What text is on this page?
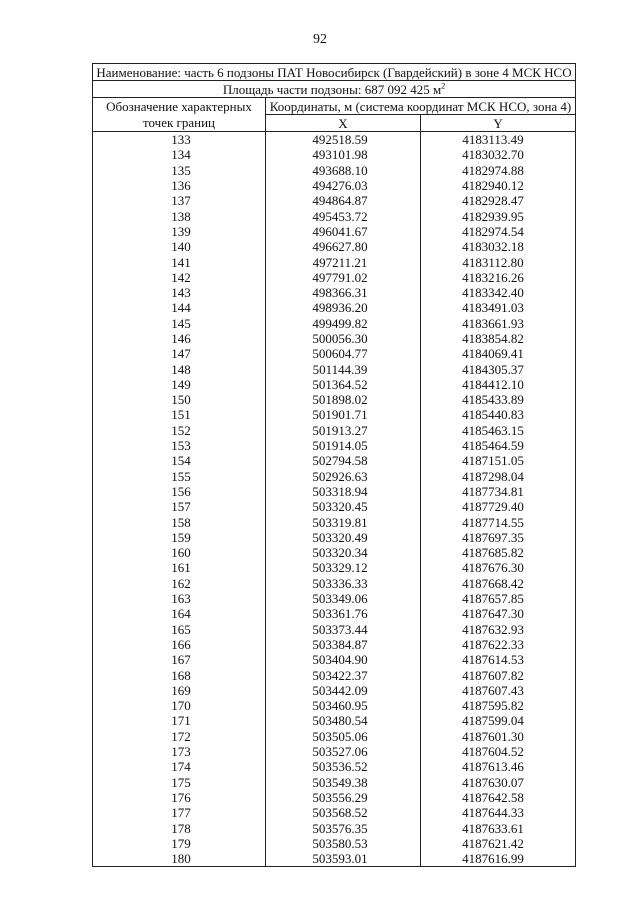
92
Наименование: часть 6 подзоны ПАТ Новосибирск (Гвардейский) в зоне 4 МСК НСО		
Площадь части подзоны: 687 092 425 $м^2$
Обозначение характерных точек границ	Координаты, м (система координат МСК НСО, зона 4)	
	X	Y
133	492518.59	4183113.49
134	493101.98	4183032.70
135	493688.10	4182974.88
136	494276.03	4182940.12
137	494864.87	4182928.47
138	495453.72	4182939.95
139	496041.67	4182974.54
140	496627.80	4183032.18
141	497211.21	4183112.80
142	497791.02	4183216.26
143	498366.31	4183342.40
144	498936.20	4183491.03
145	499499.82	4183661.93
146	500056.30	4183854.82
147	500604.77	4184069.41
148	501144.39	4184305.37
149	501364.52	4184412.10
150	501898.02	4185433.89
151	501901.71	4185440.83
152	501913.27	4185463.15
153	501914.05	4185464.59
154	502794.58	4187151.05
155	502926.63	4187298.04
156	503318.94	4187734.81
157	503320.45	4187729.40
158	503319.81	4187714.55
159	503320.49	4187697.35
160	503320.34	4187685.82
161	503329.12	4187676.30
162	503336.33	4187668.42
163	503349.06	4187657.85
164	503361.76	4187647.30
165	503373.44	4187632.93
166	503384.87	4187622.33
167	503404.90	4187614.53
168	503422.37	4187607.82
169	503442.09	4187607.43
170	503460.95	4187595.82
171	503480.54	4187599.04
172	503505.06	4187601.30
173	503527.06	4187604.52
174	503536.52	4187613.46
175	503549.38	4187630.07
176	503556.29	4187642.58
177	503568.52	4187644.33
178	503576.35	4187633.61
179	503580.53	4187621.42
180	503593.01	4187616.99
